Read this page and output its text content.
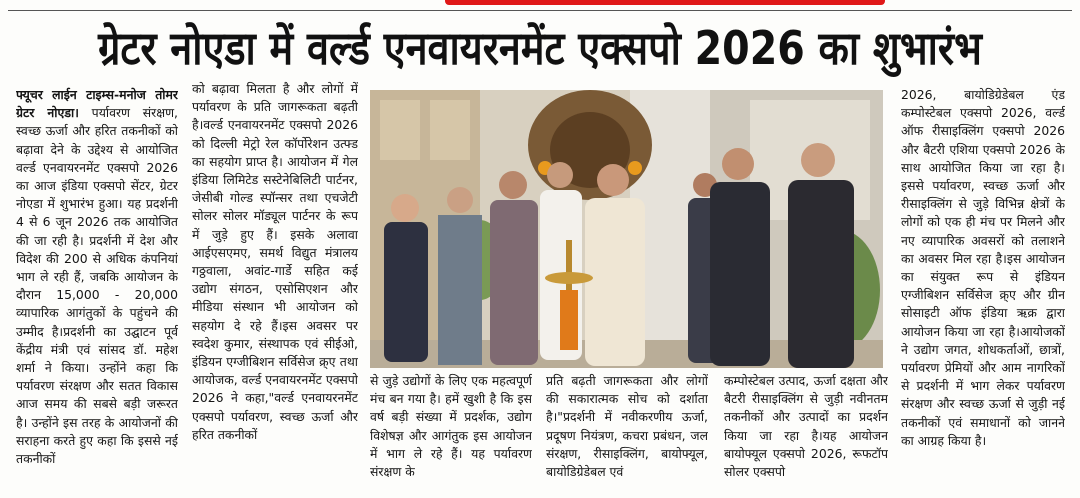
ग्रेटर नोएडा में वर्ल्ड एनवायरनमेंट एक्सपो 2026 का शुभारंभ

फ्यूचर लाईन टाइम्स-मनोज तोमर ग्रेटर नोएडा। पर्यावरण संरक्षण, स्वच्छ ऊर्जा और हरित तकनीकों को बढ़ावा देने के उद्देश्य से आयोजित वर्ल्ड एनवायरनमेंट एक्सपो 2026 का आज इंडिया एक्सपो सेंटर, ग्रेटर नोएडा में शुभारंभ हुआ। यह प्रदर्शनी 4 से 6 जून 2026 तक आयोजित की जा रही है। प्रदर्शनी में देश और विदेश की 200 से अधिक कंपनियां भाग ले रही हैं, जबकि आयोजन के दौरान 15,000 - 20,000 व्यापारिक आगंतुकों के पहुंचने की उम्मीद है।प्रदर्शनी का उद्घाटन पूर्व केंद्रीय मंत्री एवं सांसद डॉ. महेश शर्मा ने किया। उन्होंने कहा कि पर्यावरण संरक्षण और सतत विकास आज समय की सबसे बड़ी जरूरत है। उन्होंने इस तरह के आयोजनों की सराहना करते हुए कहा कि इससे नई तकनीकों

को बढ़ावा मिलता है और लोगों में पर्यावरण के प्रति जागरूकता बढ़ती है।वर्ल्ड एनवायरनमेंट एक्सपो 2026 को दिल्ली मेट्रो रेल कॉर्पोरेशन उत्फ्ड का सहयोग प्राप्त है। आयोजन में गेल इंडिया लिमिटेड सस्टेनेबिलिटी पार्टनर, जेसीबी गोल्ड स्पॉन्सर तथा एचजेटी सोलर सोलर मॉड्यूल पार्टनर के रूप में जुड़े हुए हैं। इसके अलावा आईएसएमए, समर्थ विद्युत मंत्रालय गठ्ठवाला, अवांट-गार्डे सहित कई उद्योग संगठन, एसोसिएशन और मीडिया संस्थान भी आयोजन को सहयोग दे रहे हैं।इस अवसर पर स्वदेश कुमार, संस्थापक एवं सीईओ, इंडियन एग्जीबिशन सर्विसेज क्र्ए तथा आयोजक, वर्ल्ड एनवायरनमेंट एक्सपो 2026 ने कहा,"वर्ल्ड एनवायरनमेंट एक्सपो पर्यावरण, स्वच्छ ऊर्जा और हरित तकनीकों

से जुड़े उद्योगों के लिए एक महत्वपूर्ण मंच बन गया है। हमें खुशी है कि इस वर्ष बड़ी संख्या में प्रदर्शक, उद्योग विशेषज्ञ और आगंतुक इस आयोजन में भाग ले रहे हैं। यह पर्यावरण संरक्षण के

प्रति बढ़ती जागरूकता और लोगों की सकारात्मक सोच को दर्शाता है।"प्रदर्शनी में नवीकरणीय ऊर्जा, प्रदूषण नियंत्रण, कचरा प्रबंधन, जल संरक्षण, रीसाइक्लिंग, बायोफ्यूल, बायोडिग्रेडेबल एवं

कम्पोस्टेबल उत्पाद, ऊर्जा दक्षता और बैटरी रीसाइक्लिंग से जुड़ी नवीनतम तकनीकों और उत्पादों का प्रदर्शन किया जा रहा है।यह आयोजन बायोफ्यूल एक्सपो 2026, रूफटॉप सोलर एक्सपो

2026, बायोडिग्रेडेबल एंड कम्पोस्टेबल एक्सपो 2026, वर्ल्ड ऑफ रीसाइक्लिंग एक्सपो 2026 और बैटरी एशिया एक्सपो 2026 के साथ आयोजित किया जा रहा है। इससे पर्यावरण, स्वच्छ ऊर्जा और रीसाइक्लिंग से जुड़े विभिन्न क्षेत्रों के लोगों को एक ही मंच पर मिलने और नए व्यापारिक अवसरों को तलाशने का अवसर मिल रहा है।इस आयोजन का संयुक्त रूप से इंडियन एग्जीबिशन सर्विसेज क्र्ए और ग्रीन सोसाइटी ऑफ इंडिया ऋक्र द्वारा आयोजन किया जा रहा है।आयोजकों ने उद्योग जगत, शोधकर्ताओं, छात्रों, पर्यावरण प्रेमियों और आम नागरिकों से प्रदर्शनी में भाग लेकर पर्यावरण संरक्षण और स्वच्छ ऊर्जा से जुड़ी नई तकनीकों एवं समाधानों को जानने का आग्रह किया है।
